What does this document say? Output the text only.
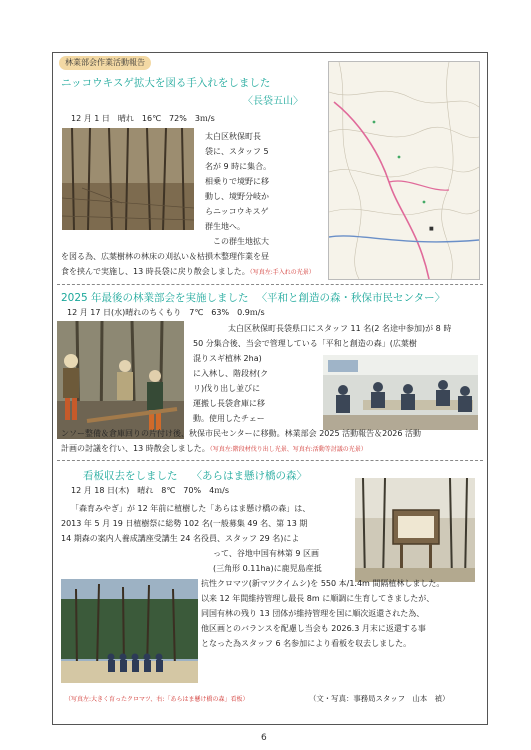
林業部会作業活動報告
ニッコウキスゲ拡大を図る手入れをしました
〈長袋五山〉
■
12 月 1 日　晴れ　16℃　72%　3ｍ/s
太白区秋保町長
袋に、スタッフ 5
名が 9 時に集合。
相乗りで境野に移
動し、境野分岐か
らニッコウキスゲ
群生地へ。
　この群生地拡大
を図る為、広葉樹林の林床の刈払い＆枯損木整理作業を昼
食を挟んで実施し、13 時長袋に戻り散会しました。（写真左:手入れの光景）
2025 年最後の林業部会を実施しました 〈平和と創造の森・秋保市民センター〉
12 月 17 日(水)晴れのちくもり　7℃　63%　0.9ｍ/s
太白区秋保町長袋県口にスタッフ 11 名(2 名途中参加)が 8 時
50 分集合後、当会で管理している「平和と創造の森」(広葉樹
混りスギ植林 2ha)
に入林し、階段材(ク
リ)伐り出し並びに
運搬し長袋倉庫に移
動。使用したチェー
ンソー整備＆倉庫回りの片付け後、秋保市民センターに移動。林業部会 2025 活動報告＆2026 活動
計画の討議を行い、13 時散会しました。（写真左:階段材伐り出し光景、写真右:活動等討議の光景）
看板収去をしました 〈あらはま懸け橋の森〉
12 月 18 日(木)　晴れ　8℃　70%　4ｍ/s
「森育みやぎ」が 12 年前に植樹した「あらはま懸け橋の森」は、
2013 年 5 月 19 日植樹祭に総勢 102 名(一般募集 49 名、第 13 期
14 期森の案内人養成講座受講生 24 名役員、スタッフ 29 名)によ
って、谷地中国有林第 9 区画
(三角形 0.11ha)に鹿児島産抵
抗性クロマツ(新マツクイムシ)を 550 本/1.4m 間隔植林しました。
以来 12 年間維持管理し最長 8m に順調に生育してきましたが、
同国有林の残り 13 団体が維持管理を国に順次返還された為、
他区画とのバランスを配慮し当会も 2026.3 月末に返還する事
となった為スタッフ 6 名参加により看板を収去しました。
（写真左:大きく育ったクロマツ、右:「あらはま懸け橋の森」看板）	（文・写真：事務局スタッフ　山本　禎）
6
